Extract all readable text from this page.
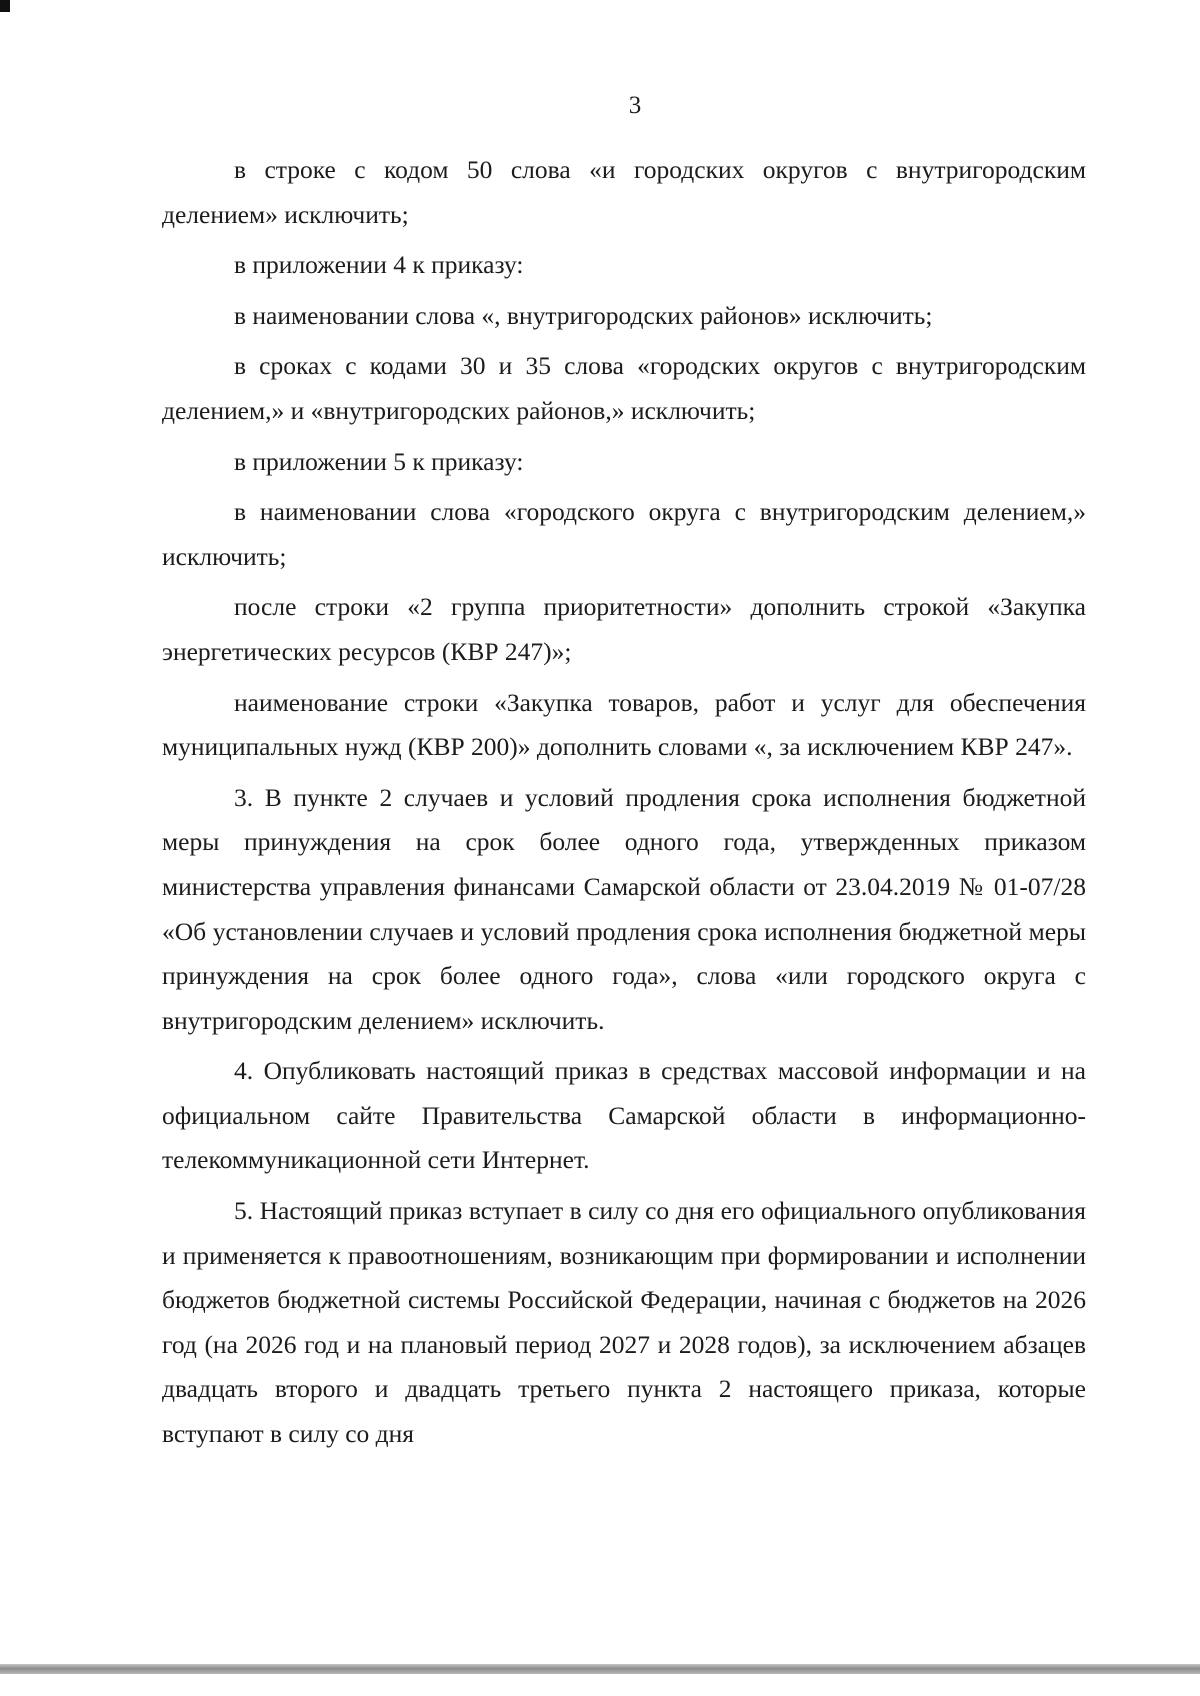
3

в строке с кодом 50 слова «и городских округов с внутригородским делением» исключить;

в приложении 4 к приказу:

в наименовании слова «, внутригородских районов» исключить;

в сроках с кодами 30 и 35 слова «городских округов с внутригородским делением,» и «внутригородских районов,» исключить;

в приложении 5 к приказу:

в наименовании слова «городского округа с внутригородским делением,» исключить;

после строки «2 группа приоритетности» дополнить строкой «Закупка энергетических ресурсов (КВР 247)»;

наименование строки «Закупка товаров, работ и услуг для обеспечения муниципальных нужд (КВР 200)» дополнить словами «, за исключением КВР 247».

3. В пункте 2 случаев и условий продления срока исполнения бюджетной меры принуждения на срок более одного года, утвержденных приказом министерства управления финансами Самарской области от 23.04.2019 № 01-07/28 «Об установлении случаев и условий продления срока исполнения бюджетной меры принуждения на срок более одного года», слова «или городского округа с внутригородским делением» исключить.

4. Опубликовать настоящий приказ в средствах массовой информации и на официальном сайте Правительства Самарской области в информационно-телекоммуникационной сети Интернет.

5. Настоящий приказ вступает в силу со дня его официального опубликования и применяется к правоотношениям, возникающим при формировании и исполнении бюджетов бюджетной системы Российской Федерации, начиная с бюджетов на 2026 год (на 2026 год и на плановый период 2027 и 2028 годов), за исключением абзацев двадцать второго и двадцать третьего пункта 2 настоящего приказа, которые вступают в силу со дня
